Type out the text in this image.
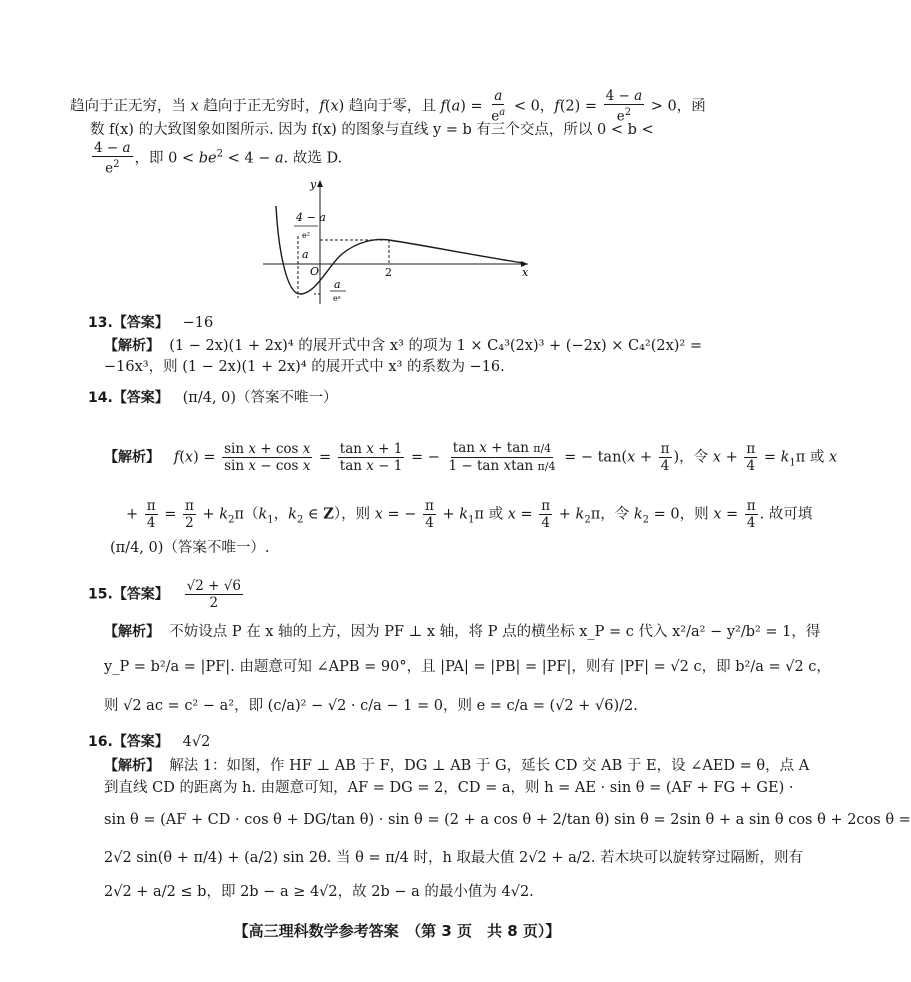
趋向于正无穷，当 x 趋向于正无穷时，f(x) 趋向于零，且 $f(a) = \frac{a}{e^a} < 0$，$f(2) = \frac{4 - a}{e^2} > 0$，函
数 f(x) 的大致图象如图所示. 因为 f(x) 的图象与直线 y = b 有三个交点，所以 0 < b <
$\frac{4 - a}{e^2}$ ，即 $0 < be^2 < 4 - a$. 故选 D.
y
x
O	2
4 − a
e²
a
a
eᵃ
13.【答案】 −16
【解析】 (1 − 2x)(1 + 2x)⁴ 的展开式中含 x³ 的项为 1 × C₄³(2x)³ + (−2x) × C₄²(2x)² =
−16x³，则 (1 − 2x)(1 + 2x)⁴ 的展开式中 x³ 的系数为 −16.
14.【答案】 (π/4, 0)（答案不唯一）
【解析】 $f(x) = \frac{\text{sin x + cos x}}{\text{sin x − cos x}} = \frac{\text{tan x + 1}}{\text{tan x − 1}}$ = − $\frac{\text{tan x + tan π/4}}{\text{1 − tan xtan π/4}}$ = − $\tan(x + \frac{\pi}{4}$ )，令 $x + \frac{\pi}{4} = k_1\pi$ 或 x
+ $\frac{\pi}{4} = \frac{\pi}{2} + k_2\pi(k_1$，$k_2$ ∈ Z），则 x = − $\frac{\pi}{4} + k_1\pi$ 或 $x = \frac{\pi}{4} + k_2\pi$，令 $k_2 = 0$，则 $x = \frac{\pi}{4}$ . 故可填
(π/4, 0)（答案不唯一）.
15.【答案】 $\frac{√2 + √6}{2}$
【解析】 不妨设点 P 在 x 轴的上方，因为 PF ⊥ x 轴，将 P 点的横坐标 x_P = c 代入 x²/a² − y²/b² = 1，得
y_P = b²/a = |PF|. 由题意可知 ∠APB = 90°，且 |PA| = |PB| = |PF|，则有 |PF| = √2 c，即 b²/a = √2 c，
则 √2 ac = c² − a²，即 (c/a)² − √2 · c/a − 1 = 0，则 e = c/a = (√2 + √6)/2.
16.【答案】 4√2
【解析】 解法 1：如图，作 HF ⊥ AB 于 F，DG ⊥ AB 于 G，延长 CD 交 AB 于 E，设 ∠AED = θ，点 A
到直线 CD 的距离为 h. 由题意可知，AF = DG = 2，CD = a，则 h = AE · sin θ = (AF + FG + GE) ·
sin θ = (AF + CD · cos θ + DG/tan θ) · sin θ = (2 + a cos θ + 2/tan θ) sin θ = 2sin θ + a sin θ cos θ + 2cos θ =
2√2 sin(θ + π/4) + (a/2) sin 2θ. 当 θ = π/4 时，h 取最大值 2√2 + a/2. 若木块可以旋转穿过隔断，则有
2√2 + a/2 ≤ b，即 2b − a ≥ 4√2，故 2b − a 的最小值为 4√2.
【高三理科数学参考答案　（第 3 页　共 8 页）】
